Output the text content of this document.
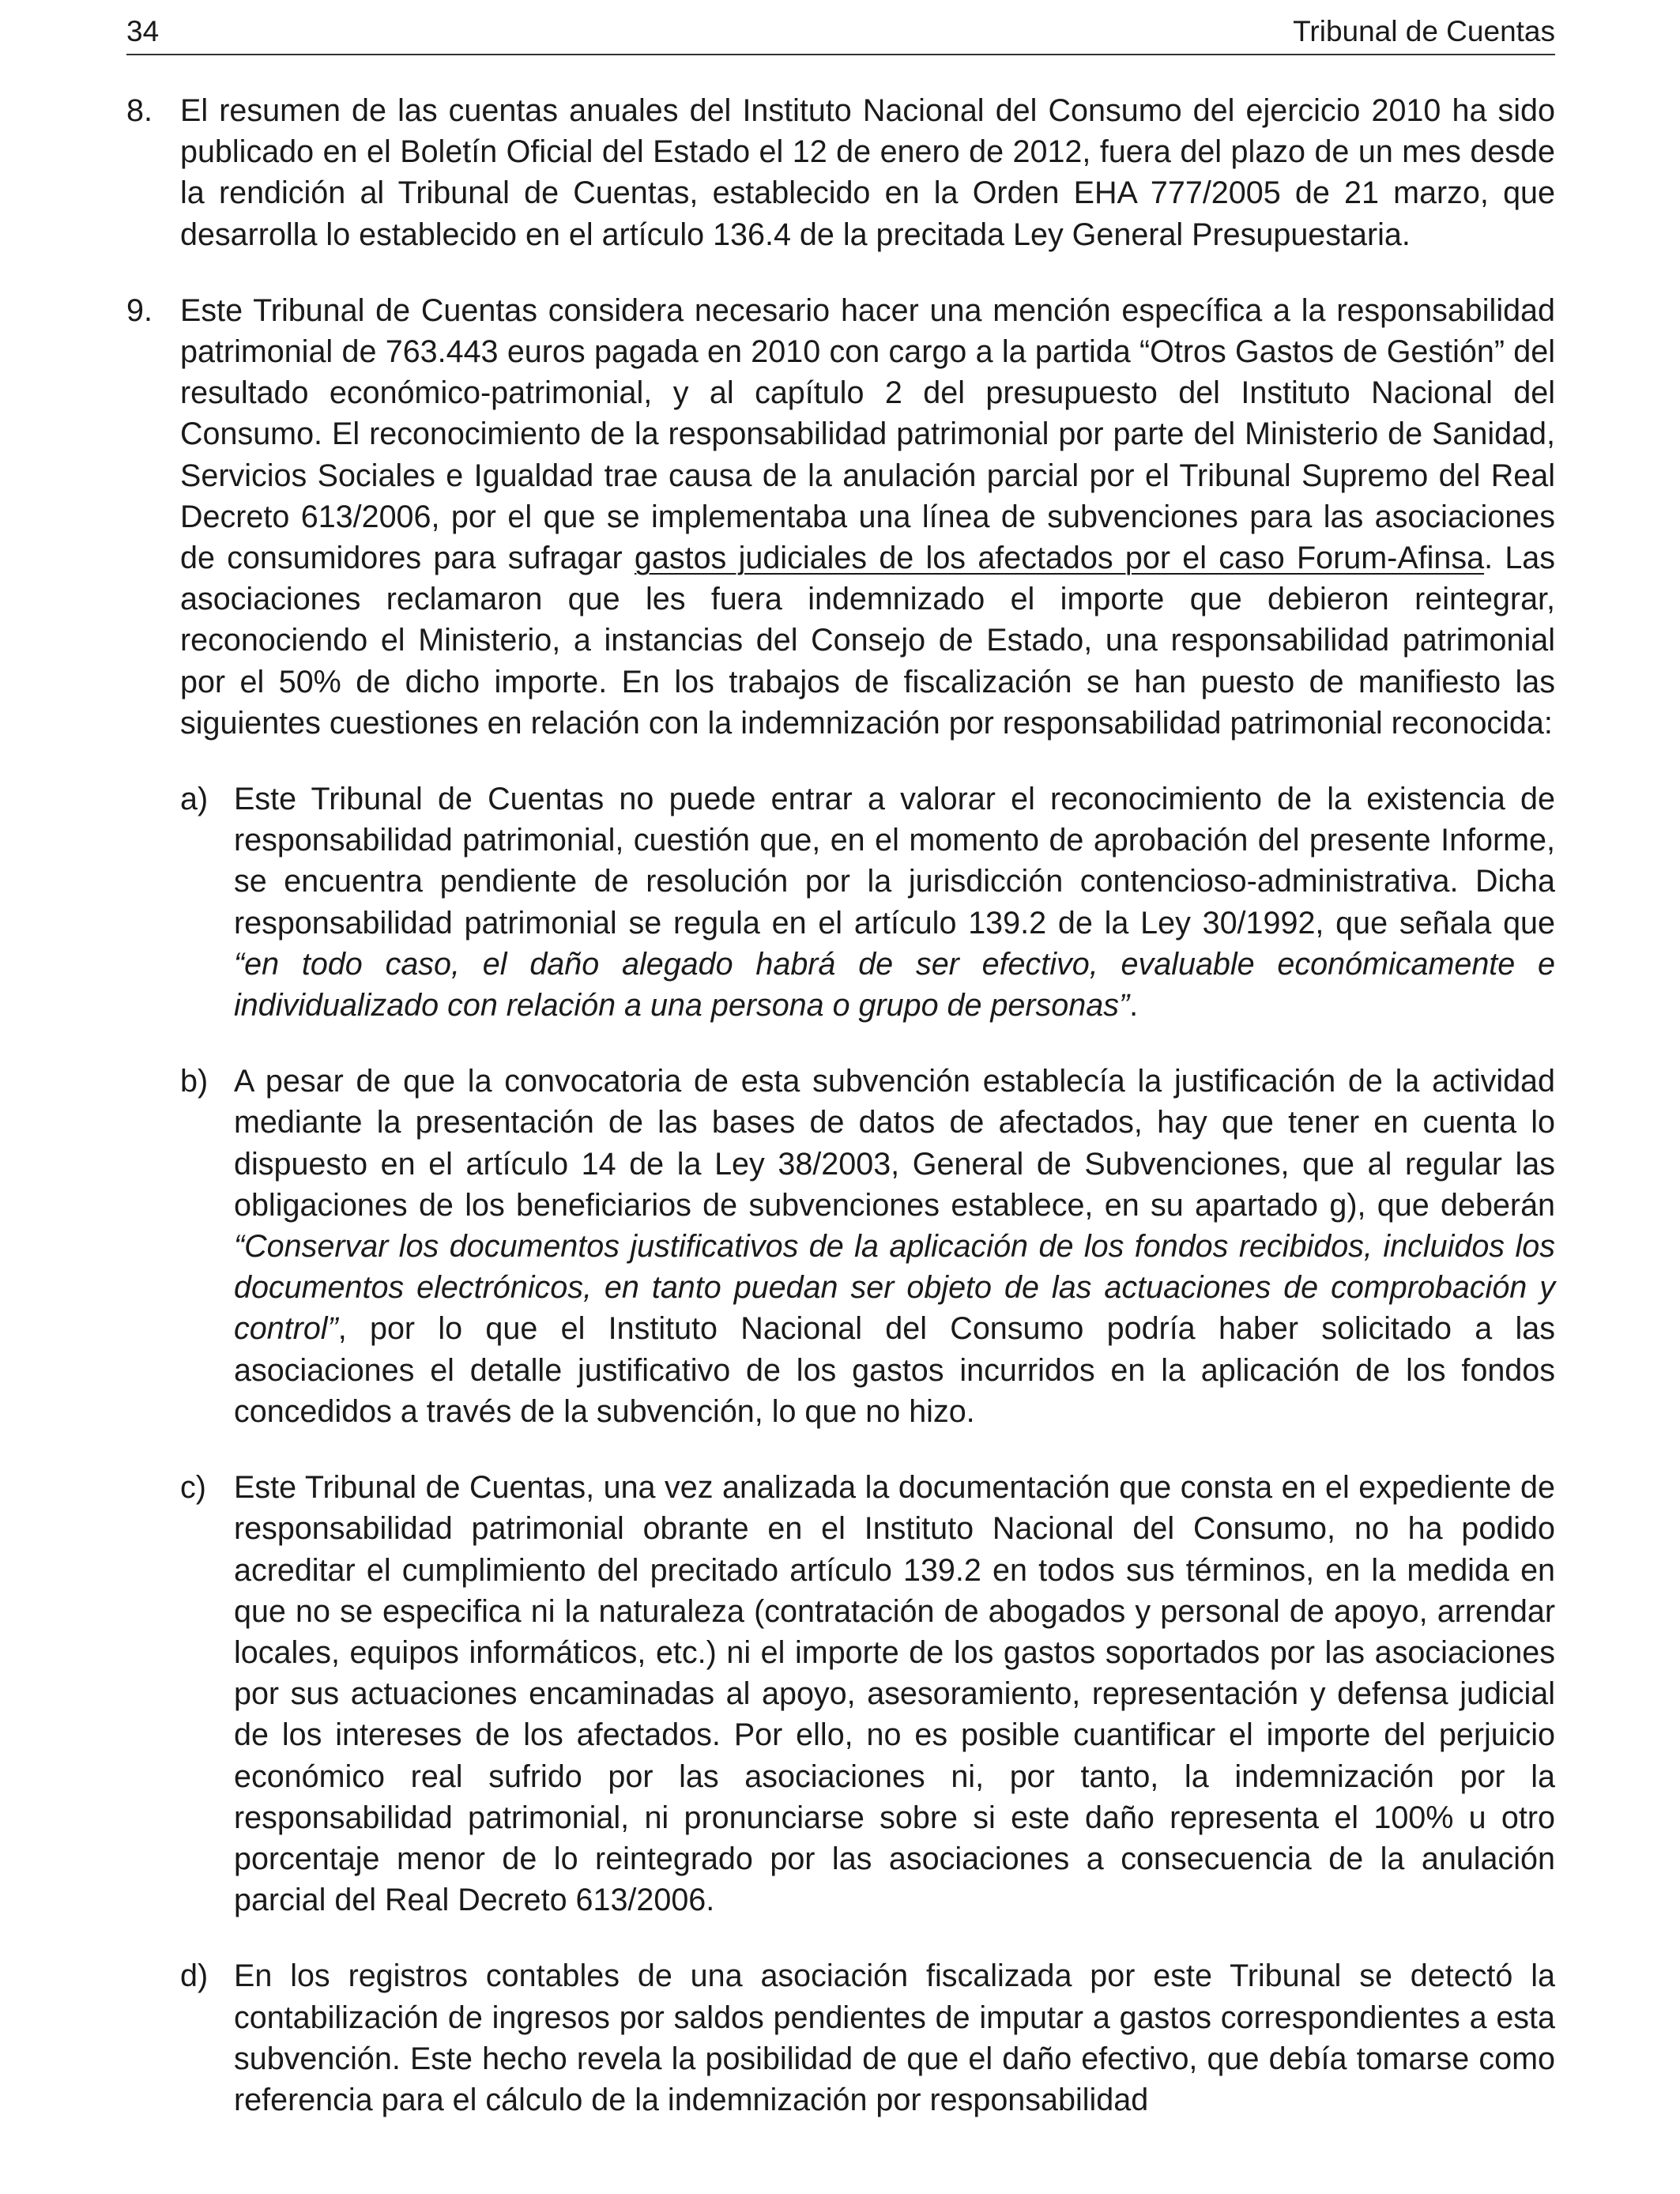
34	Tribunal de Cuentas
8. El resumen de las cuentas anuales del Instituto Nacional del Consumo del ejercicio 2010 ha sido publicado en el Boletín Oficial del Estado el 12 de enero de 2012, fuera del plazo de un mes desde la rendición al Tribunal de Cuentas, establecido en la Orden EHA 777/2005 de 21 marzo, que desarrolla lo establecido en el artículo 136.4 de la precitada Ley General Presupuestaria.
9. Este Tribunal de Cuentas considera necesario hacer una mención específica a la responsabilidad patrimonial de 763.443 euros pagada en 2010 con cargo a la partida “Otros Gastos de Gestión” del resultado económico-patrimonial, y al capítulo 2 del presupuesto del Instituto Nacional del Consumo. El reconocimiento de la responsabilidad patrimonial por parte del Ministerio de Sanidad, Servicios Sociales e Igualdad trae causa de la anulación parcial por el Tribunal Supremo del Real Decreto 613/2006, por el que se implementaba una línea de subvenciones para las asociaciones de consumidores para sufragar gastos judiciales de los afectados por el caso Forum-Afinsa. Las asociaciones reclamaron que les fuera indemnizado el importe que debieron reintegrar, reconociendo el Ministerio, a instancias del Consejo de Estado, una responsabilidad patrimonial por el 50% de dicho importe. En los trabajos de fiscalización se han puesto de manifiesto las siguientes cuestiones en relación con la indemnización por responsabilidad patrimonial reconocida:
a) Este Tribunal de Cuentas no puede entrar a valorar el reconocimiento de la existencia de responsabilidad patrimonial, cuestión que, en el momento de aprobación del presente Informe, se encuentra pendiente de resolución por la jurisdicción contencioso-administrativa. Dicha responsabilidad patrimonial se regula en el artículo 139.2 de la Ley 30/1992, que señala que “en todo caso, el daño alegado habrá de ser efectivo, evaluable económicamente e individualizado con relación a una persona o grupo de personas”.
b) A pesar de que la convocatoria de esta subvención establecía la justificación de la actividad mediante la presentación de las bases de datos de afectados, hay que tener en cuenta lo dispuesto en el artículo 14 de la Ley 38/2003, General de Subvenciones, que al regular las obligaciones de los beneficiarios de subvenciones establece, en su apartado g), que deberán “Conservar los documentos justificativos de la aplicación de los fondos recibidos, incluidos los documentos electrónicos, en tanto puedan ser objeto de las actuaciones de comprobación y control”, por lo que el Instituto Nacional del Consumo podría haber solicitado a las asociaciones el detalle justificativo de los gastos incurridos en la aplicación de los fondos concedidos a través de la subvención, lo que no hizo.
c) Este Tribunal de Cuentas, una vez analizada la documentación que consta en el expediente de responsabilidad patrimonial obrante en el Instituto Nacional del Consumo, no ha podido acreditar el cumplimiento del precitado artículo 139.2 en todos sus términos, en la medida en que no se especifica ni la naturaleza (contratación de abogados y personal de apoyo, arrendar locales, equipos informáticos, etc.) ni el importe de los gastos soportados por las asociaciones por sus actuaciones encaminadas al apoyo, asesoramiento, representación y defensa judicial de los intereses de los afectados. Por ello, no es posible cuantificar el importe del perjuicio económico real sufrido por las asociaciones ni, por tanto, la indemnización por la responsabilidad patrimonial, ni pronunciarse sobre si este daño representa el 100% u otro porcentaje menor de lo reintegrado por las asociaciones a consecuencia de la anulación parcial del Real Decreto 613/2006.
d) En los registros contables de una asociación fiscalizada por este Tribunal se detectó la contabilización de ingresos por saldos pendientes de imputar a gastos correspondientes a esta subvención. Este hecho revela la posibilidad de que el daño efectivo, que debía tomarse como referencia para el cálculo de la indemnización por responsabilidad
